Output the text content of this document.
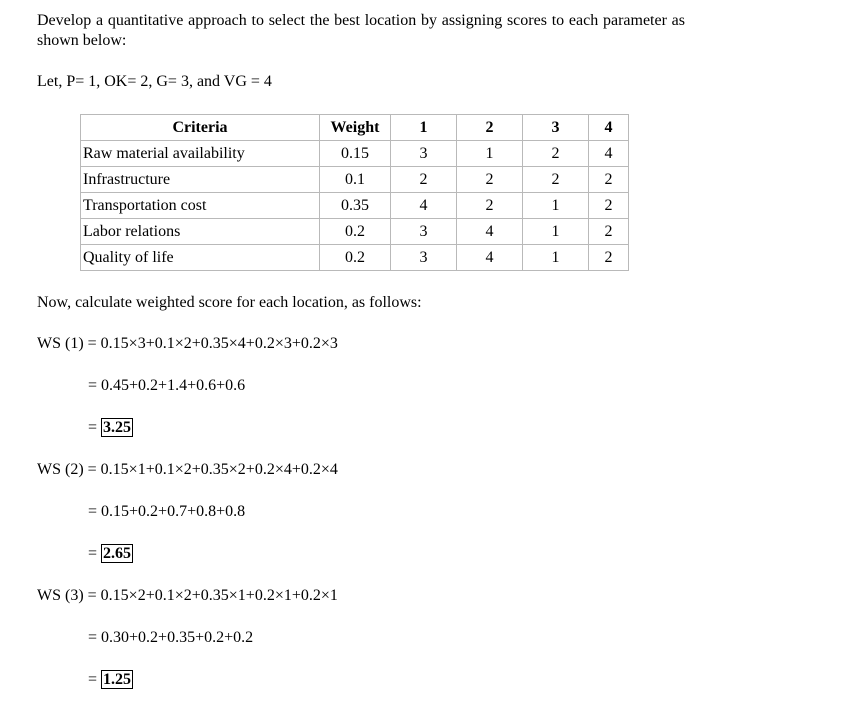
Develop a quantitative approach to select the best location by assigning scores to each parameter as shown below:
Let, P= 1, OK= 2, G= 3, and VG = 4
Criteria	Weight	1	2	3	4
Raw material availability	0.15	3	1	2	4
Infrastructure	0.1	2	2	2	2
Transportation cost	0.35	4	2	1	2
Labor relations	0.2	3	4	1	2
Quality of life	0.2	3	4	1	2
Now, calculate weighted score for each location, as follows:
WS (1) = 0.15×3+0.1×2+0.35×4+0.2×3+0.2×3
= 0.45+0.2+1.4+0.6+0.6
= 3.25
WS (2) = 0.15×1+0.1×2+0.35×2+0.2×4+0.2×4
= 0.15+0.2+0.7+0.8+0.8
= 2.65
WS (3) = 0.15×2+0.1×2+0.35×1+0.2×1+0.2×1
= 0.30+0.2+0.35+0.2+0.2
= 1.25
